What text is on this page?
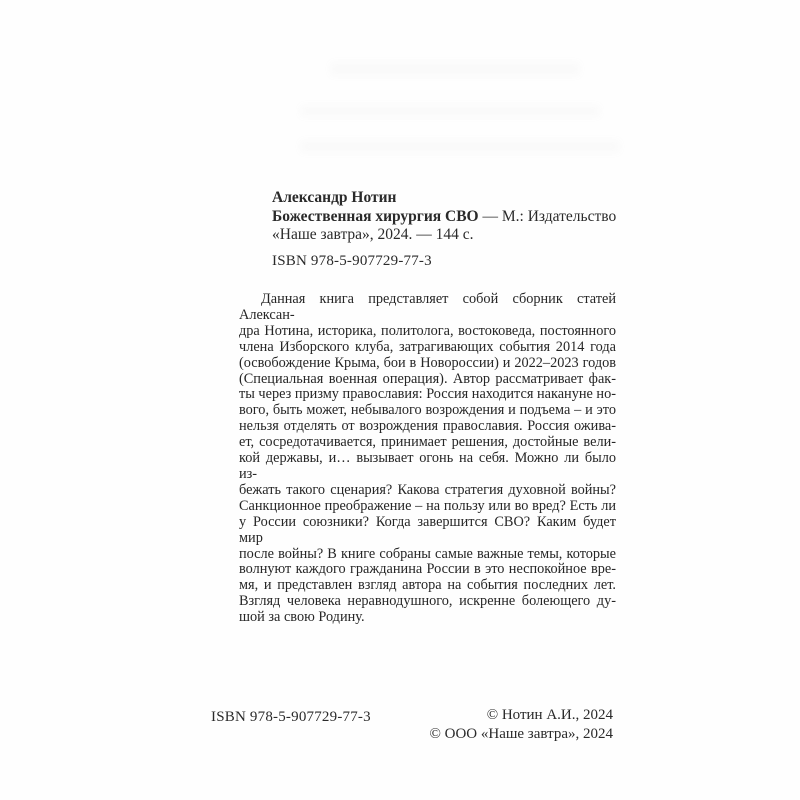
Александр Нотин
Божественная хирургия СВО — М.: Издательство
«Наше завтра», 2024. — 144 с.
ISBN 978-5-907729-77-3
Данная книга представляет собой сборник статей Алексан-
дра Нотина, историка, политолога, востоковеда, постоянного
члена Изборского клуба, затрагивающих события 2014 года
(освобождение Крыма, бои в Новороссии) и 2022–2023 годов
(Специальная военная операция). Автор рассматривает фак-
ты через призму православия: Россия находится накануне но-
вого, быть может, небывалого возрождения и подъема – и это
нельзя отделять от возрождения православия. Россия ожива-
ет, сосредотачивается, принимает решения, достойные вели-
кой державы, и… вызывает огонь на себя. Можно ли было из-
бежать такого сценария? Какова стратегия духовной войны?
Санкционное преображение – на пользу или во вред? Есть ли
у России союзники? Когда завершится СВО? Каким будет мир
после войны? В книге собраны самые важные темы, которые
волнуют каждого гражданина России в это неспокойное вре-
мя, и представлен взгляд автора на события последних лет.
Взгляд человека неравнодушного, искренне болеющего ду-
шой за свою Родину.
ISBN 978-5-907729-77-3	© Нотин А.И., 2024
© ООО «Наше завтра», 2024
